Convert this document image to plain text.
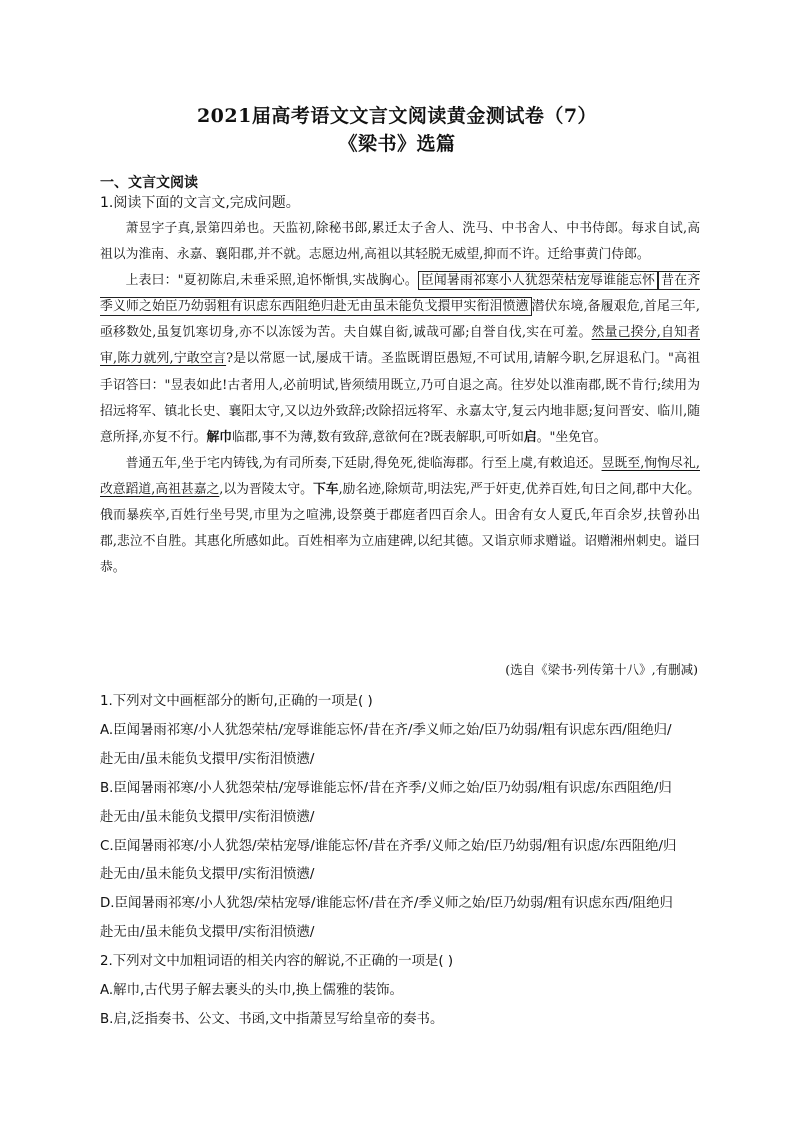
2021届高考语文文言文阅读黄金测试卷（7）
《梁书》选篇
一、文言文阅读
1.阅读下面的文言文,完成问题。

萧昱字子真,景第四弟也。天监初,除秘书郎,累迁太子舍人、洗马、中书舍人、中书侍郎。每求自试,高祖以为淮南、永嘉、襄阳郡,并不就。志愿边州,高祖以其轻脱无威望,抑而不许。迁给事黄门侍郎。

上表曰："夏初陈启,未垂采照,追怀惭惧,实战胸心。 臣闻暑雨祁寒小人犹怨荣枯宠辱谁能忘怀 昔在齐季义师之始臣乃幼弱粗有识虑东西阻绝归赴无由虽未能负戈擐甲实衔泪愤懑 潜伏东境,备履艰危,首尾三年,亟移数处,虽复饥寒切身,亦不以冻馁为苦。夫自媒自衒,诚哉可鄙;自誉自伐,实在可羞。然量己揆分,自知者审,陈力就列,宁敢空言?是以常愿一试,屡成干请。圣监既谓臣愚短,不可试用,请解今职,乞屏退私门。"高祖手诏答曰："昱表如此!古者用人,必前明试,皆须绩用既立,乃可自退之高。往岁处以淮南郡,既不肯行;续用为招远将军、镇北长史、襄阳太守,又以边外致辞;改除招远将军、永嘉太守,复云内地非愿;复问晋安、临川,随意所择,亦复不行。解巾临郡,事不为薄,数有致辞,意欲何在?既表解职,可听如启。"坐免官。

普通五年,坐于宅内铸钱,为有司所奏,下廷尉,得免死,徙临海郡。行至上虞,有敕追还。昱既至,恂恂尽礼,改意蹈道,高祖甚嘉之,以为晋陵太守。下车,励名迹,除烦苛,明法宪,严于奸吏,优养百姓,旬日之间,郡中大化。俄而暴疾卒,百姓行坐号哭,市里为之喧沸,设祭奠于郡庭者四百余人。田舍有女人夏氏,年百余岁,扶曾孙出郡,悲泣不自胜。其惠化所感如此。百姓相率为立庙建碑,以纪其德。又诣京师求赠谥。诏赠湘州刺史。谥曰恭。

(选自《梁书·列传第十八》,有删减)
1.下列对文中画框部分的断句,正确的一项是( )
A.臣闻暑雨祁寒/小人犹怨荣枯/宠辱谁能忘怀/昔在齐/季义师之始/臣乃幼弱/粗有识虑东西/阻绝归/
赴无由/虽未能负戈擐甲/实衔泪愤懑/
B.臣闻暑雨祁寒/小人犹怨荣枯/宠辱谁能忘怀/昔在齐季/义师之始/臣乃幼弱/粗有识虑/东西阻绝/归
赴无由/虽未能负戈擐甲/实衔泪愤懑/
C.臣闻暑雨祁寒/小人犹怨/荣枯宠辱/谁能忘怀/昔在齐季/义师之始/臣乃幼弱/粗有识虑/东西阻绝/归
赴无由/虽未能负戈擐甲/实衔泪愤懑/
D.臣闻暑雨祁寒/小人犹怨/荣枯宠辱/谁能忘怀/昔在齐/季义师之始/臣乃幼弱/粗有识虑东西/阻绝归
赴无由/虽未能负戈擐甲/实衔泪愤懑/
2.下列对文中加粗词语的相关内容的解说,不正确的一项是( )
A.解巾,古代男子解去裹头的头巾,换上儒雅的装饰。
B.启,泛指奏书、公文、书函,文中指萧昱写给皇帝的奏书。
